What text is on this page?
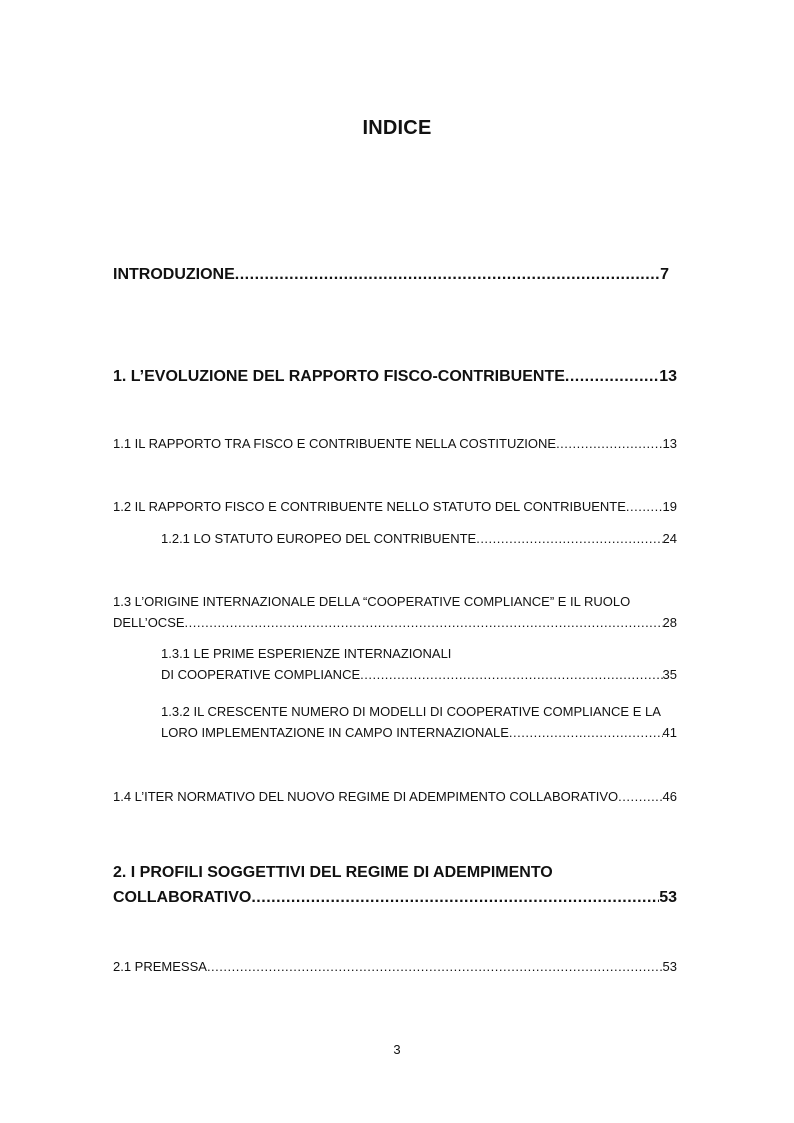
INDICE
INTRODUZIONE .....	7
1. L’EVOLUZIONE DEL RAPPORTO FISCO-CONTRIBUENTE .....	13
1.1 IL RAPPORTO TRA FISCO E CONTRIBUENTE NELLA COSTITUZIONE .....	13
1.2 IL RAPPORTO FISCO E CONTRIBUENTE NELLO STATUTO DEL CONTRIBUENTE .....	19
1.2.1 LO STATUTO EUROPEO DEL CONTRIBUENTE .....	24
1.3 L’ORIGINE INTERNAZIONALE DELLA “COOPERATIVE COMPLIANCE” E IL RUOLO
DELL’OCSE .....	28
1.3.1 LE PRIME ESPERIENZE INTERNAZIONALI
DI COOPERATIVE COMPLIANCE .....	35
1.3.2 IL CRESCENTE NUMERO DI MODELLI DI COOPERATIVE COMPLIANCE E LA
LORO IMPLEMENTAZIONE IN CAMPO INTERNAZIONALE .....	41
1.4 L’ITER NORMATIVO DEL NUOVO REGIME DI ADEMPIMENTO COLLABORATIVO .....	46
2. I PROFILI SOGGETTIVI DEL REGIME DI ADEMPIMENTO
COLLABORATIVO .....	53
2.1 PREMESSA .....	53
3
